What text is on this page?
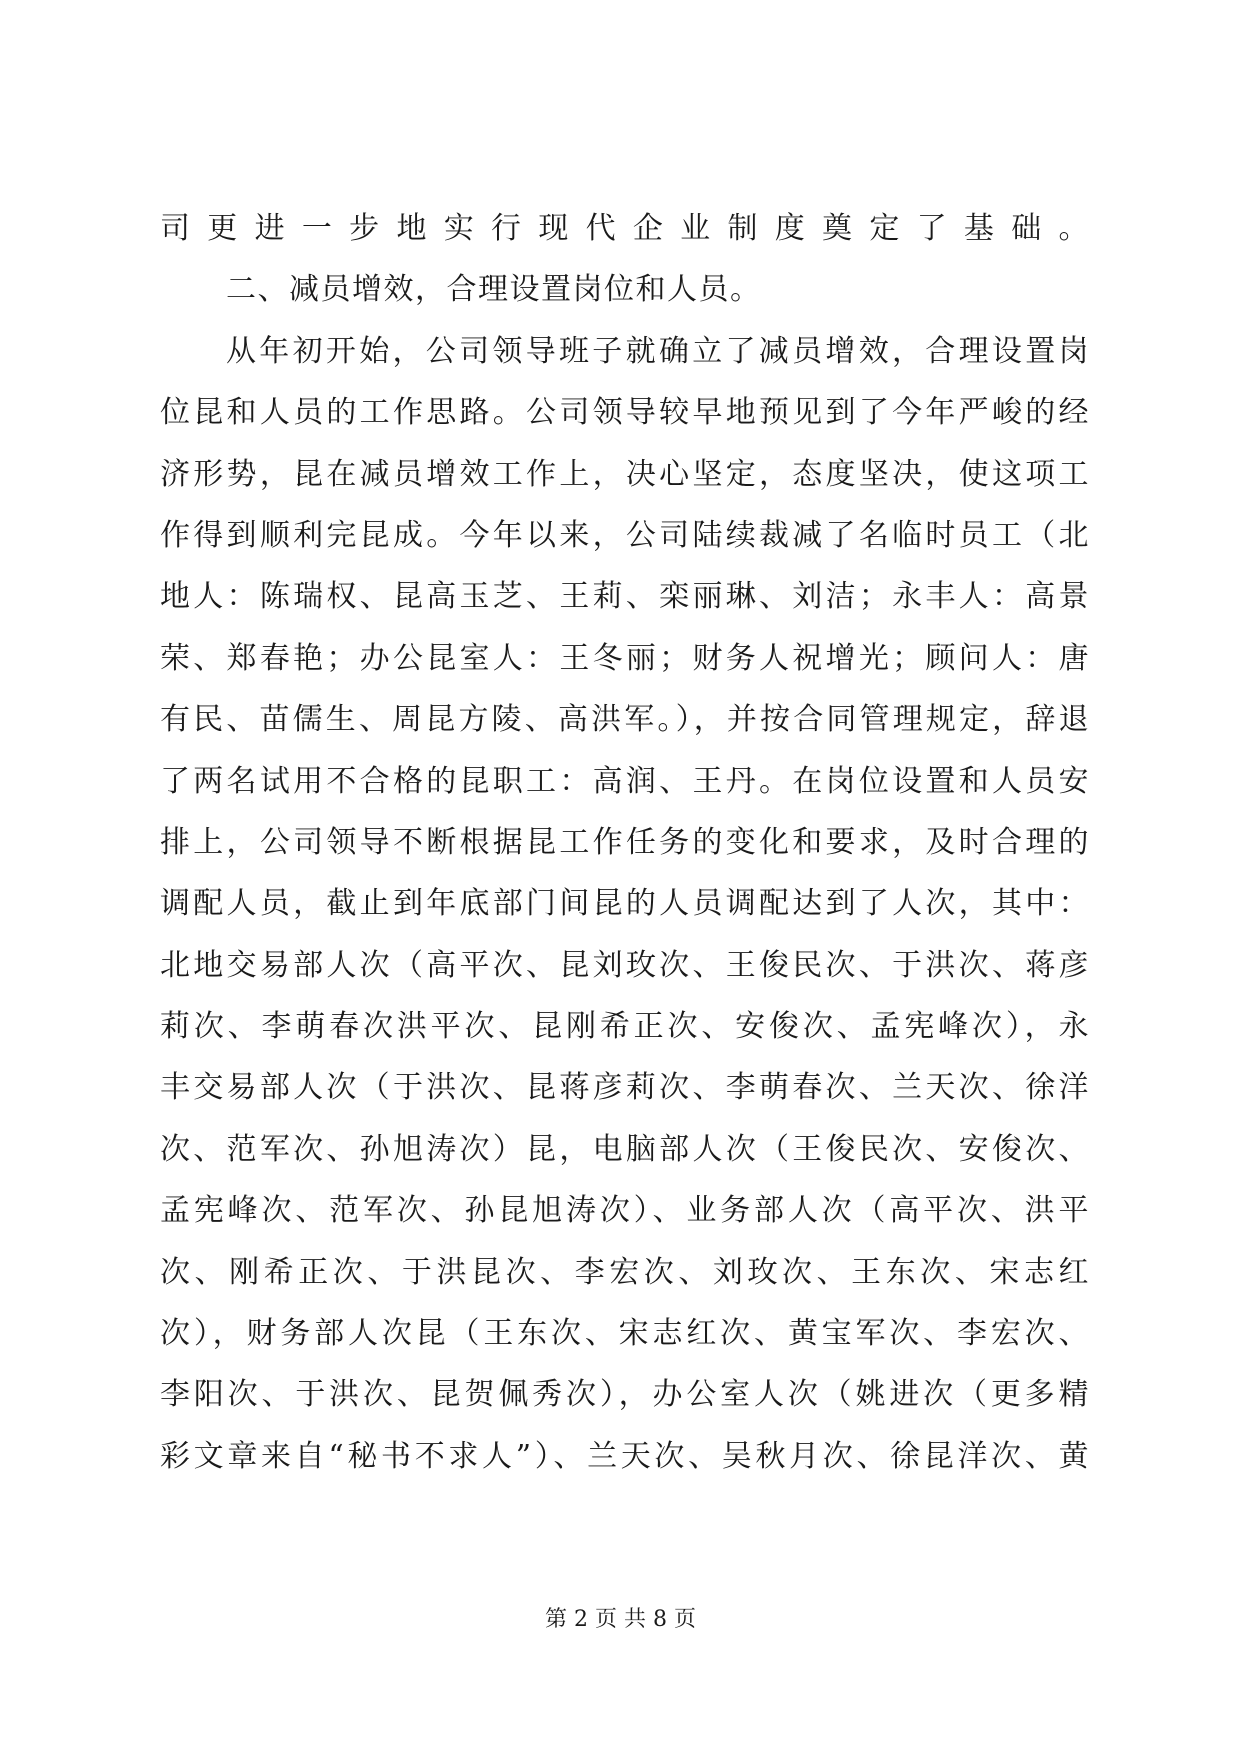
司更进一步地实行现代企业制度奠定了基础。
二、减员增效，合理设置岗位和人员。
从年初开始，公司领导班子就确立了减员增效，合理设置岗
位昆和人员的工作思路。公司领导较早地预见到了今年严峻的经
济形势，昆在减员增效工作上，决心坚定，态度坚决，使这项工
作得到顺利完昆成。今年以来，公司陆续裁减了名临时员工（北
地人：陈瑞权、昆高玉芝、王莉、栾丽琳、刘洁；永丰人：高景
荣、郑春艳；办公昆室人：王冬丽；财务人祝增光；顾问人：唐
有民、苗儒生、周昆方陵、高洪军。），并按合同管理规定，辞退
了两名试用不合格的昆职工：高润、王丹。在岗位设置和人员安
排上，公司领导不断根据昆工作任务的变化和要求，及时合理的
调配人员，截止到年底部门间昆的人员调配达到了人次，其中：
北地交易部人次（高平次、昆刘玫次、王俊民次、于洪次、蒋彦
莉次、李萌春次洪平次、昆刚希正次、安俊次、孟宪峰次），永
丰交易部人次（于洪次、昆蒋彦莉次、李萌春次、兰天次、徐洋
次、范军次、孙旭涛次）昆，电脑部人次（王俊民次、安俊次、
孟宪峰次、范军次、孙昆旭涛次）、业务部人次（高平次、洪平
次、刚希正次、于洪昆次、李宏次、刘玫次、王东次、宋志红
次），财务部人次昆（王东次、宋志红次、黄宝军次、李宏次、
李阳次、于洪次、昆贺佩秀次），办公室人次（姚进次（更多精
彩文章来自“秘书不求人”）、兰天次、吴秋月次、徐昆洋次、黄
第 2 页 共 8 页
